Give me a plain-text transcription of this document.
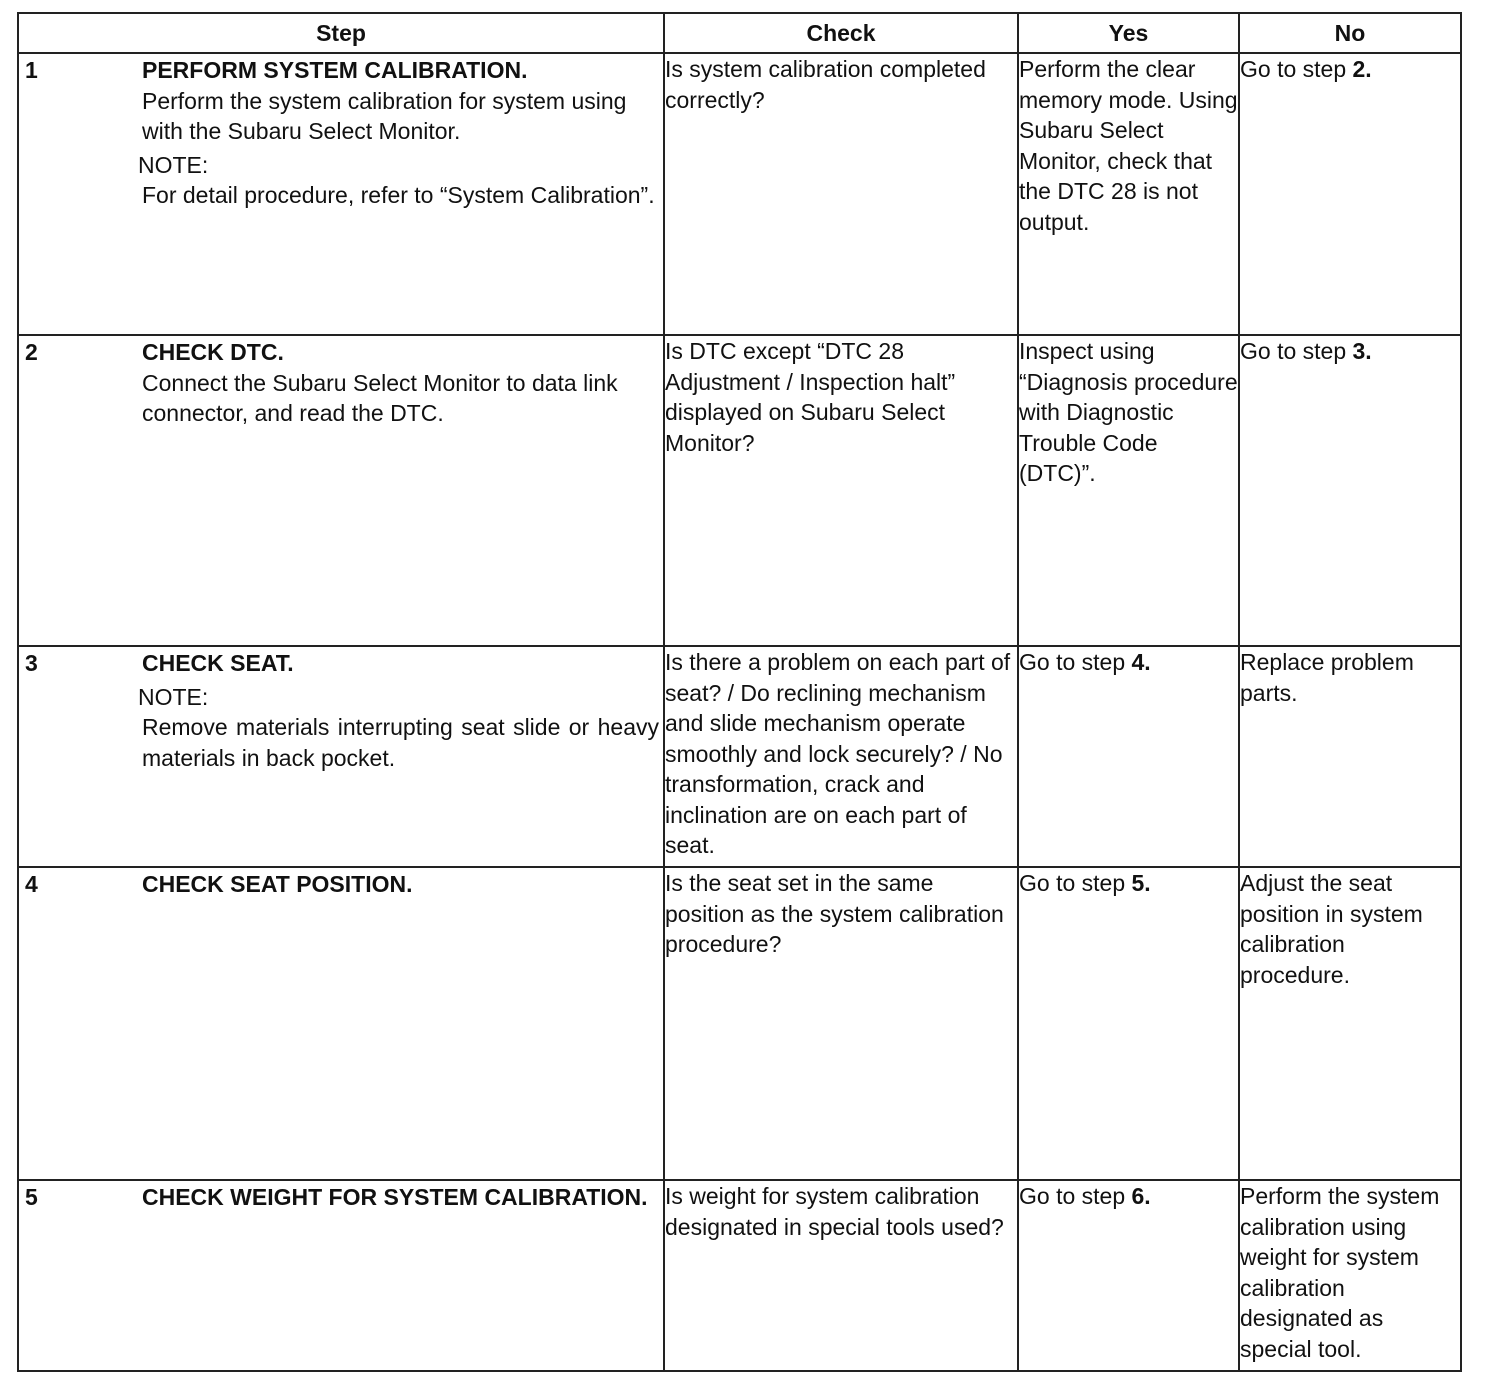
Step	Check	Yes	No

1 PERFORM SYSTEM CALIBRATION.
Perform the system calibration for system using with the Subaru Select Monitor.
NOTE:
For detail procedure, refer to “System Calibration”.	Is system calibration completed correctly?	Perform the clear memory mode. Using Subaru Select Monitor, check that the DTC 28 is not output.	Go to step 2.

2 CHECK DTC.
Connect the Subaru Select Monitor to data link connector, and read the DTC.	Is DTC except “DTC 28 Adjustment / Inspection halt” displayed on Subaru Select Monitor?	Inspect using “Diagnosis procedure with Diagnostic Trouble Code (DTC)”.	Go to step 3.

3 CHECK SEAT.
NOTE:
Remove materials interrupting seat slide or heavy materials in back pocket.	Is there a problem on each part of seat? / Do reclining mechanism and slide mechanism operate smoothly and lock securely? / No transformation, crack and inclination are on each part of seat.	Go to step 4.	Replace problem parts.

4 CHECK SEAT POSITION.	Is the seat set in the same position as the system calibration procedure?	Go to step 5.	Adjust the seat position in system calibration procedure.

5 CHECK WEIGHT FOR SYSTEM CALIBRATION.	Is weight for system calibration designated in special tools used?	Go to step 6.	Perform the system calibration using weight for system calibration designated as special tool.
